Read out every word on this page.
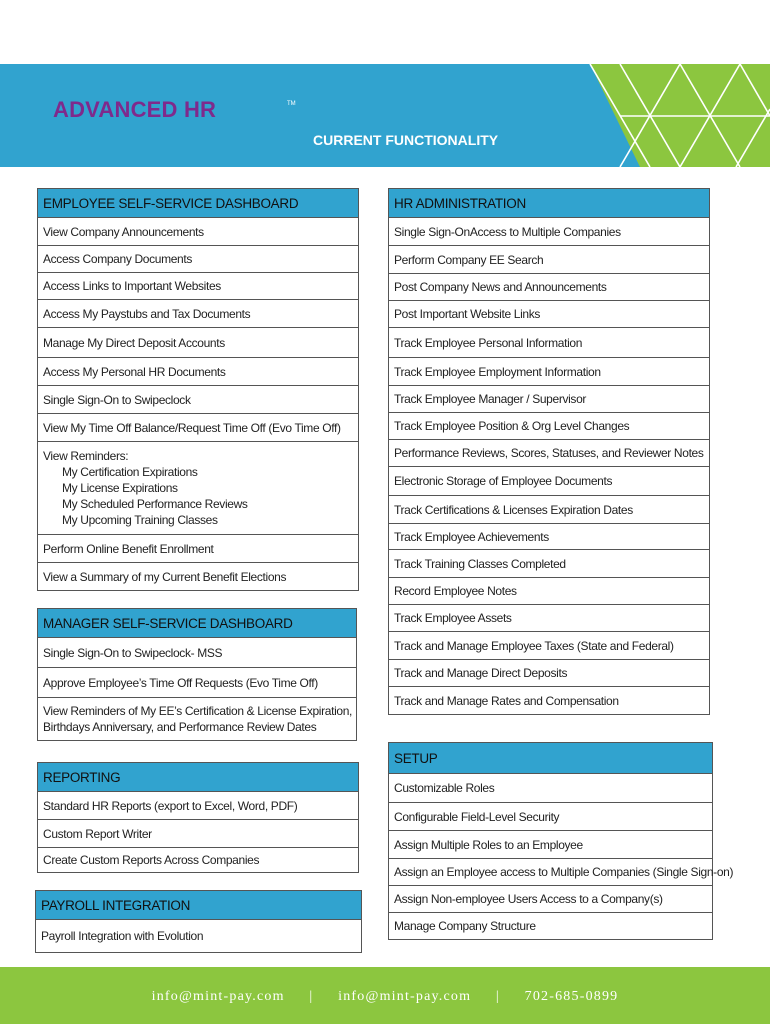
ADVANCED HR	TM
CURRENT FUNCTIONALITY
EMPLOYEE SELF-SERVICE DASHBOARD
View Company Announcements
Access Company Documents
Access Links to Important Websites
Access My Paystubs and Tax Documents
Manage My Direct Deposit Accounts
Access My Personal HR Documents
Single Sign-On to Swipeclock
View My Time Off Balance/Request Time Off (Evo Time Off)
View Reminders:
My Certification Expirations
My License Expirations
My Scheduled Performance Reviews
My Upcoming Training Classes
Perform Online Benefit Enrollment
View a Summary of my Current Benefit Elections
MANAGER SELF-SERVICE DASHBOARD
Single Sign-On to Swipeclock- MSS
Approve Employee’s Time Off Requests (Evo Time Off)
View Reminders of My EE’s Certification & License Expiration,
Birthdays Anniversary, and Performance Review Dates
REPORTING
Standard HR Reports (export to Excel, Word, PDF)
Custom Report Writer
Create Custom Reports Across Companies
PAYROLL INTEGRATION
Payroll Integration with Evolution
HR ADMINISTRATION
Single Sign-OnAccess to Multiple Companies
Perform Company EE Search
Post Company News and Announcements
Post Important Website Links
Track Employee Personal Information
Track Employee Employment Information
Track Employee Manager / Supervisor
Track Employee Position & Org Level Changes
Performance Reviews, Scores, Statuses, and Reviewer Notes
Electronic Storage of Employee Documents
Track Certifications & Licenses Expiration Dates
Track Employee Achievements
Track Training Classes Completed
Record Employee Notes
Track Employee Assets
Track and Manage Employee Taxes (State and Federal)
Track and Manage Direct Deposits
Track and Manage Rates and Compensation
SETUP
Customizable Roles
Configurable Field-Level Security
Assign Multiple Roles to an Employee
Assign an Employee access to Multiple Companies (Single Sign-on)
Assign Non-employee Users Access to a Company(s)
Manage Company Structure
info@mint-pay.com | info@mint-pay.com | 702-685-0899
